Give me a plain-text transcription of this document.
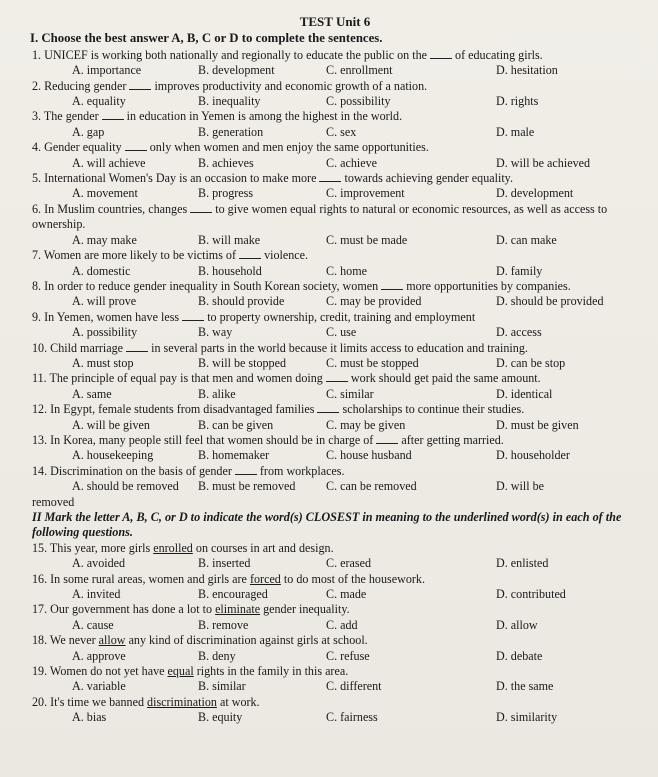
TEST Unit 6
I. Choose the best answer A, B, C or D to complete the sentences.
1. UNICEF is working both nationally and regionally to educate the public on the of educating girls.
A. importance	B. development	C. enrollment	D. hesitation
2. Reducing gender improves productivity and economic growth of a nation.
A. equality	B. inequality	C. possibility	D. rights
3. The gender in education in Yemen is among the highest in the world.
A. gap	B. generation	C. sex	D. male
4. Gender equality only when women and men enjoy the same opportunities.
A. will achieve	B. achieves	C. achieve	D. will be achieved
5. International Women's Day is an occasion to make more towards achieving gender equality.
A. movement	B. progress	C. improvement	D. development
6. In Muslim countries, changes to give women equal rights to natural or economic resources, as well as access to ownership.
A. may make	B. will make	C. must be made	D. can make
7. Women are more likely to be victims of violence.
A. domestic	B. household	C. home	D. family
8. In order to reduce gender inequality in South Korean society, women more opportunities by companies.
A. will prove	B. should provide	C. may be provided	D. should be provided
9. In Yemen, women have less to property ownership, credit, training and employment
A. possibility	B. way	C. use	D. access
10. Child marriage in several parts in the world because it limits access to education and training.
A. must stop	B. will be stopped	C. must be stopped	D. can be stop
11. The principle of equal pay is that men and women doing work should get paid the same amount.
A. same	B. alike	C. similar	D. identical
12. In Egypt, female students from disadvantaged families scholarships to continue their studies.
A. will be given	B. can be given	C. may be given	D. must be given
13. In Korea, many people still feel that women should be in charge of after getting married.
A. housekeeping	B. homemaker	C. house husband	D. householder
14. Discrimination on the basis of gender from workplaces.
A. should be removed	B. must be removed	C. can be removed	D. will be
removed
II Mark the letter A, B, C, or D to indicate the word(s) CLOSEST in meaning to the underlined word(s) in each of the following questions.
15. This year, more girls enrolled on courses in art and design.
A. avoided	B. inserted	C. erased	D. enlisted
16. In some rural areas, women and girls are forced to do most of the housework.
A. invited	B. encouraged	C. made	D. contributed
17. Our government has done a lot to eliminate gender inequality.
A. cause	B. remove	C. add	D. allow
18. We never allow any kind of discrimination against girls at school.
A. approve	B. deny	C. refuse	D. debate
19. Women do not yet have equal rights in the family in this area.
A. variable	B. similar	C. different	D. the same
20. It's time we banned discrimination at work.
A. bias	B. equity	C. fairness	D. similarity
